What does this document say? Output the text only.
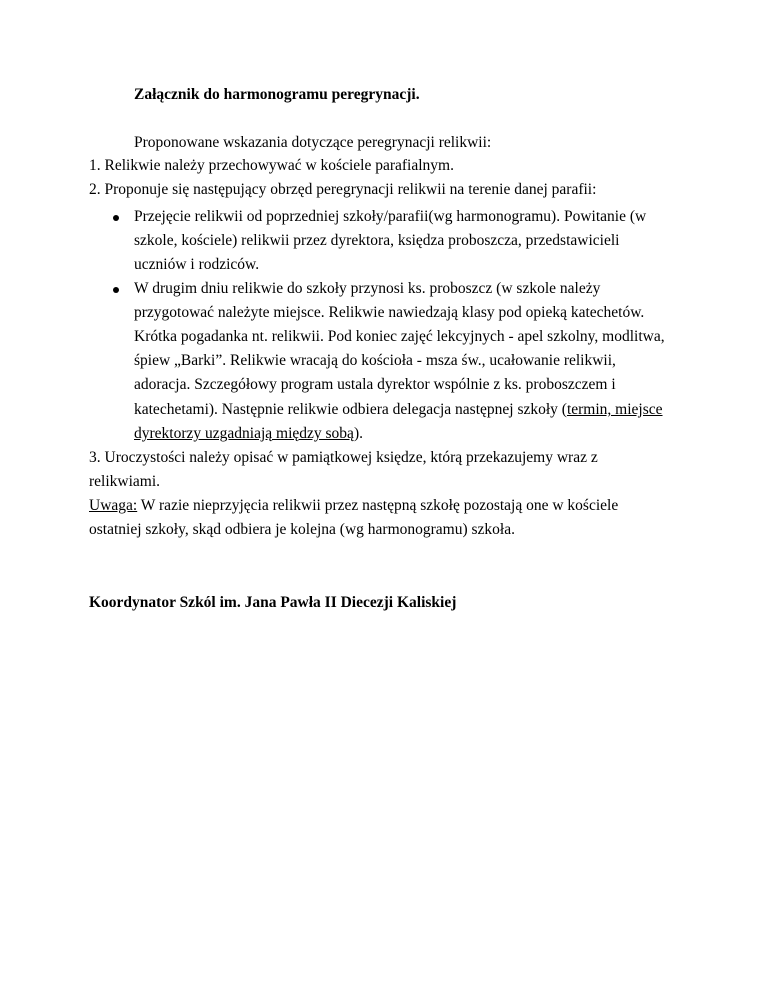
Załącznik do harmonogramu peregrynacji.
Proponowane wskazania dotyczące peregrynacji relikwii:
1. Relikwie należy przechowywać w kościele parafialnym.
2. Proponuje się następujący obrzęd peregrynacji relikwii na terenie danej parafii:
Przejęcie relikwii od poprzedniej szkoły/parafii(wg harmonogramu). Powitanie (w
szkole, kościele) relikwii przez dyrektora, księdza proboszcza, przedstawicieli
uczniów i rodziców.
W drugim dniu relikwie do szkoły przynosi ks. proboszcz (w szkole należy
przygotować należyte miejsce. Relikwie nawiedzają klasy pod opieką katechetów.
Krótka pogadanka nt. relikwii. Pod koniec zajęć lekcyjnych - apel szkolny, modlitwa,
śpiew „Barki”. Relikwie wracają do kościoła - msza św., ucałowanie relikwii,
adoracja. Szczegółowy program ustala dyrektor wspólnie z ks. proboszczem i
katechetami). Następnie relikwie odbiera delegacja następnej szkoły (termin, miejsce
dyrektorzy uzgadniają między sobą).
3. Uroczystości należy opisać w pamiątkowej księdze, którą przekazujemy wraz z
relikwiami.
Uwaga: W razie nieprzyjęcia relikwii przez następną szkołę pozostają one w kościele
ostatniej szkoły, skąd odbiera je kolejna (wg harmonogramu) szkoła.
Koordynator Szkól im. Jana Pawła II Diecezji Kaliskiej
